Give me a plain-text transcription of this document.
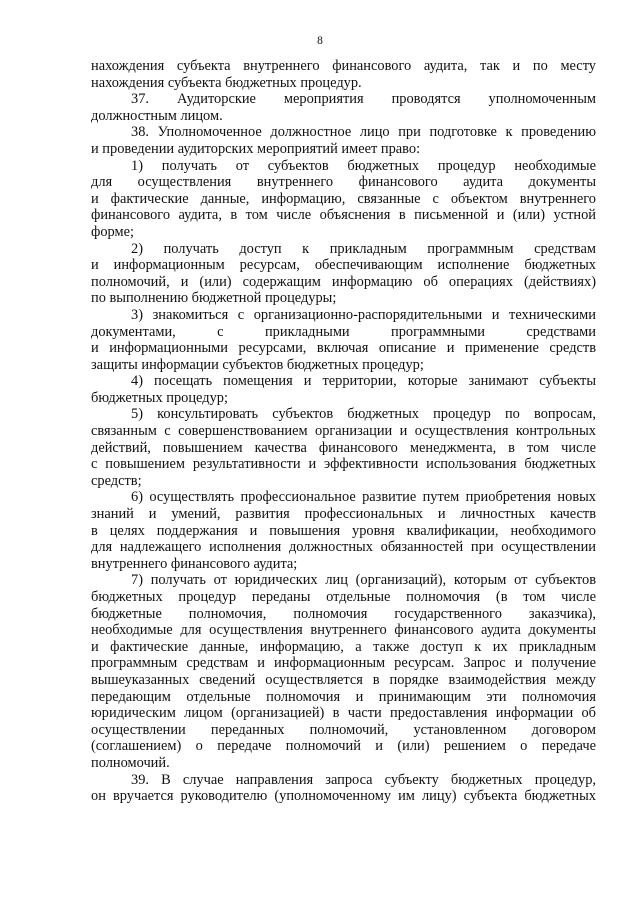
8
нахождения субъекта внутреннего финансового аудита, так и по месту
нахождения субъекта бюджетных процедур.
37. Аудиторские мероприятия проводятся уполномоченным
должностным лицом.
38. Уполномоченное должностное лицо при подготовке к проведению
и проведении аудиторских мероприятий имеет право:
1) получать от субъектов бюджетных процедур необходимые
для осуществления внутреннего финансового аудита документы
и фактические данные, информацию, связанные с объектом внутреннего
финансового аудита, в том числе объяснения в письменной и (или) устной
форме;
2) получать доступ к прикладным программным средствам
и информационным ресурсам, обеспечивающим исполнение бюджетных
полномочий, и (или) содержащим информацию об операциях (действиях)
по выполнению бюджетной процедуры;
3) знакомиться с организационно-распорядительными и техническими
документами, с прикладными программными средствами
и информационными ресурсами, включая описание и применение средств
защиты информации субъектов бюджетных процедур;
4) посещать помещения и территории, которые занимают субъекты
бюджетных процедур;
5) консультировать субъектов бюджетных процедур по вопросам,
связанным с совершенствованием организации и осуществления контрольных
действий, повышением качества финансового менеджмента, в том числе
с повышением результативности и эффективности использования бюджетных
средств;
6) осуществлять профессиональное развитие путем приобретения новых
знаний и умений, развития профессиональных и личностных качеств
в целях поддержания и повышения уровня квалификации, необходимого
для надлежащего исполнения должностных обязанностей при осуществлении
внутреннего финансового аудита;
7) получать от юридических лиц (организаций), которым от субъектов
бюджетных процедур переданы отдельные полномочия (в том числе
бюджетные полномочия, полномочия государственного заказчика),
необходимые для осуществления внутреннего финансового аудита документы
и фактические данные, информацию, а также доступ к их прикладным
программным средствам и информационным ресурсам. Запрос и получение
вышеуказанных сведений осуществляется в порядке взаимодействия между
передающим отдельные полномочия и принимающим эти полномочия
юридическим лицом (организацией) в части предоставления информации об
осуществлении переданных полномочий, установленном договором
(соглашением) о передаче полномочий и (или) решением о передаче
полномочий.
39. В случае направления запроса субъекту бюджетных процедур,
он вручается руководителю (уполномоченному им лицу) субъекта бюджетных
